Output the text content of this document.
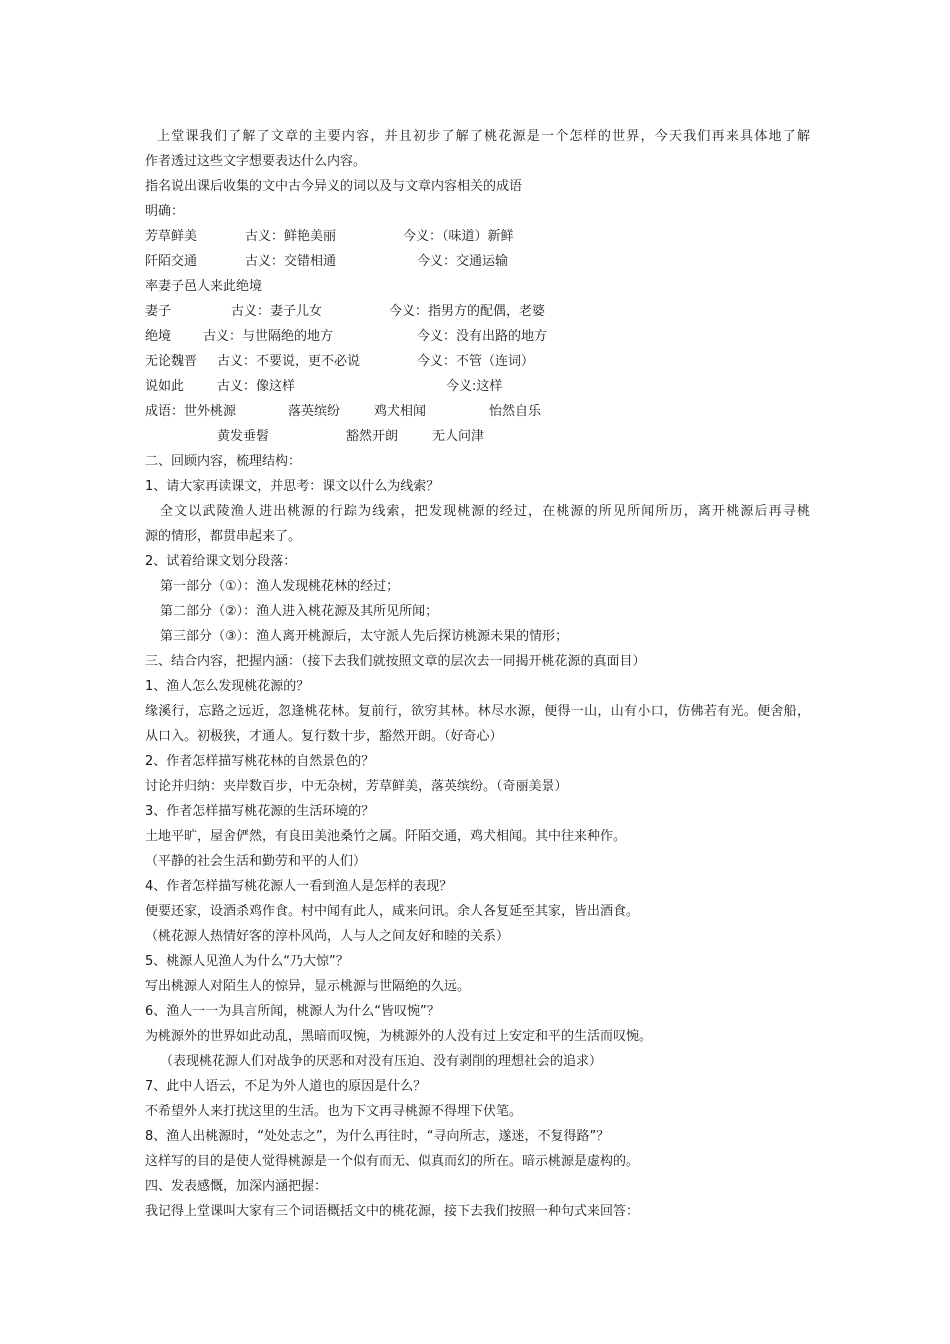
上堂课我们了解了文章的主要内容，并且初步了解了桃花源是一个怎样的世界，今天我们再来具体地了解
作者透过这些文字想要表达什么内容。
指名说出课后收集的文中古今异义的词以及与文章内容相关的成语
明确：
芳草鲜美	古义：鲜艳美丽	今义：（味道）新鲜
阡陌交通	古义：交错相通	今义：交通运输
率妻子邑人来此绝境
妻子	古义：妻子儿女	今义：指男方的配偶，老婆
绝境 古义：与世隔绝的地方	今义：没有出路的地方
无论魏晋 古义：不要说，更不必说	今义：不管（连词）
说如此	古义：像这样	今义:这样
成语：世外桃源	落英缤纷	鸡犬相闻	怡然自乐
黄发垂髫	豁然开朗	无人问津
二、回顾内容，梳理结构：
1、请大家再读课文，并思考：课文以什么为线索？
全文以武陵渔人进出桃源的行踪为线索，把发现桃源的经过，在桃源的所见所闻所历，离开桃源后再寻桃
源的情形，都贯串起来了。
2、试着给课文划分段落：
第一部分（①）：渔人发现桃花林的经过；
第二部分（②）：渔人进入桃花源及其所见所闻；
第三部分（③）：渔人离开桃源后，太守派人先后探访桃源未果的情形；
三、结合内容，把握内涵：（接下去我们就按照文章的层次去一同揭开桃花源的真面目）
1、渔人怎么发现桃花源的？
缘溪行，忘路之远近，忽逢桃花林。复前行，欲穷其林。林尽水源，便得一山，山有小口，仿佛若有光。便舍船，
从口入。初极狭，才通人。复行数十步，豁然开朗。（好奇心）
2、作者怎样描写桃花林的自然景色的？
讨论并归纳：夹岸数百步，中无杂树，芳草鲜美，落英缤纷。（奇丽美景）
3、作者怎样描写桃花源的生活环境的？
土地平旷，屋舍俨然，有良田美池桑竹之属。阡陌交通，鸡犬相闻。其中往来种作。
（平静的社会生活和勤劳和平的人们）
4、作者怎样描写桃花源人一看到渔人是怎样的表现？
便要还家，设酒杀鸡作食。村中闻有此人，咸来问讯。余人各复延至其家，皆出酒食。
（桃花源人热情好客的淳朴风尚，人与人之间友好和睦的关系）
5、桃源人见渔人为什么“乃大惊”？
写出桃源人对陌生人的惊异，显示桃源与世隔绝的久远。
6、渔人一一为具言所闻，桃源人为什么“皆叹惋”？
为桃源外的世界如此动乱，黑暗而叹惋，为桃源外的人没有过上安定和平的生活而叹惋。
（表现桃花源人们对战争的厌恶和对没有压迫、没有剥削的理想社会的追求）
7、此中人语云，不足为外人道也的原因是什么？
不希望外人来打扰这里的生活。也为下文再寻桃源不得埋下伏笔。
8、渔人出桃源时，“处处志之”，为什么再往时，“寻向所志，遂迷，不复得路”？
这样写的目的是使人觉得桃源是一个似有而无、似真而幻的所在。暗示桃源是虚构的。
四、发表感慨，加深内涵把握：
我记得上堂课叫大家有三个词语概括文中的桃花源，接下去我们按照一种句式来回答：
